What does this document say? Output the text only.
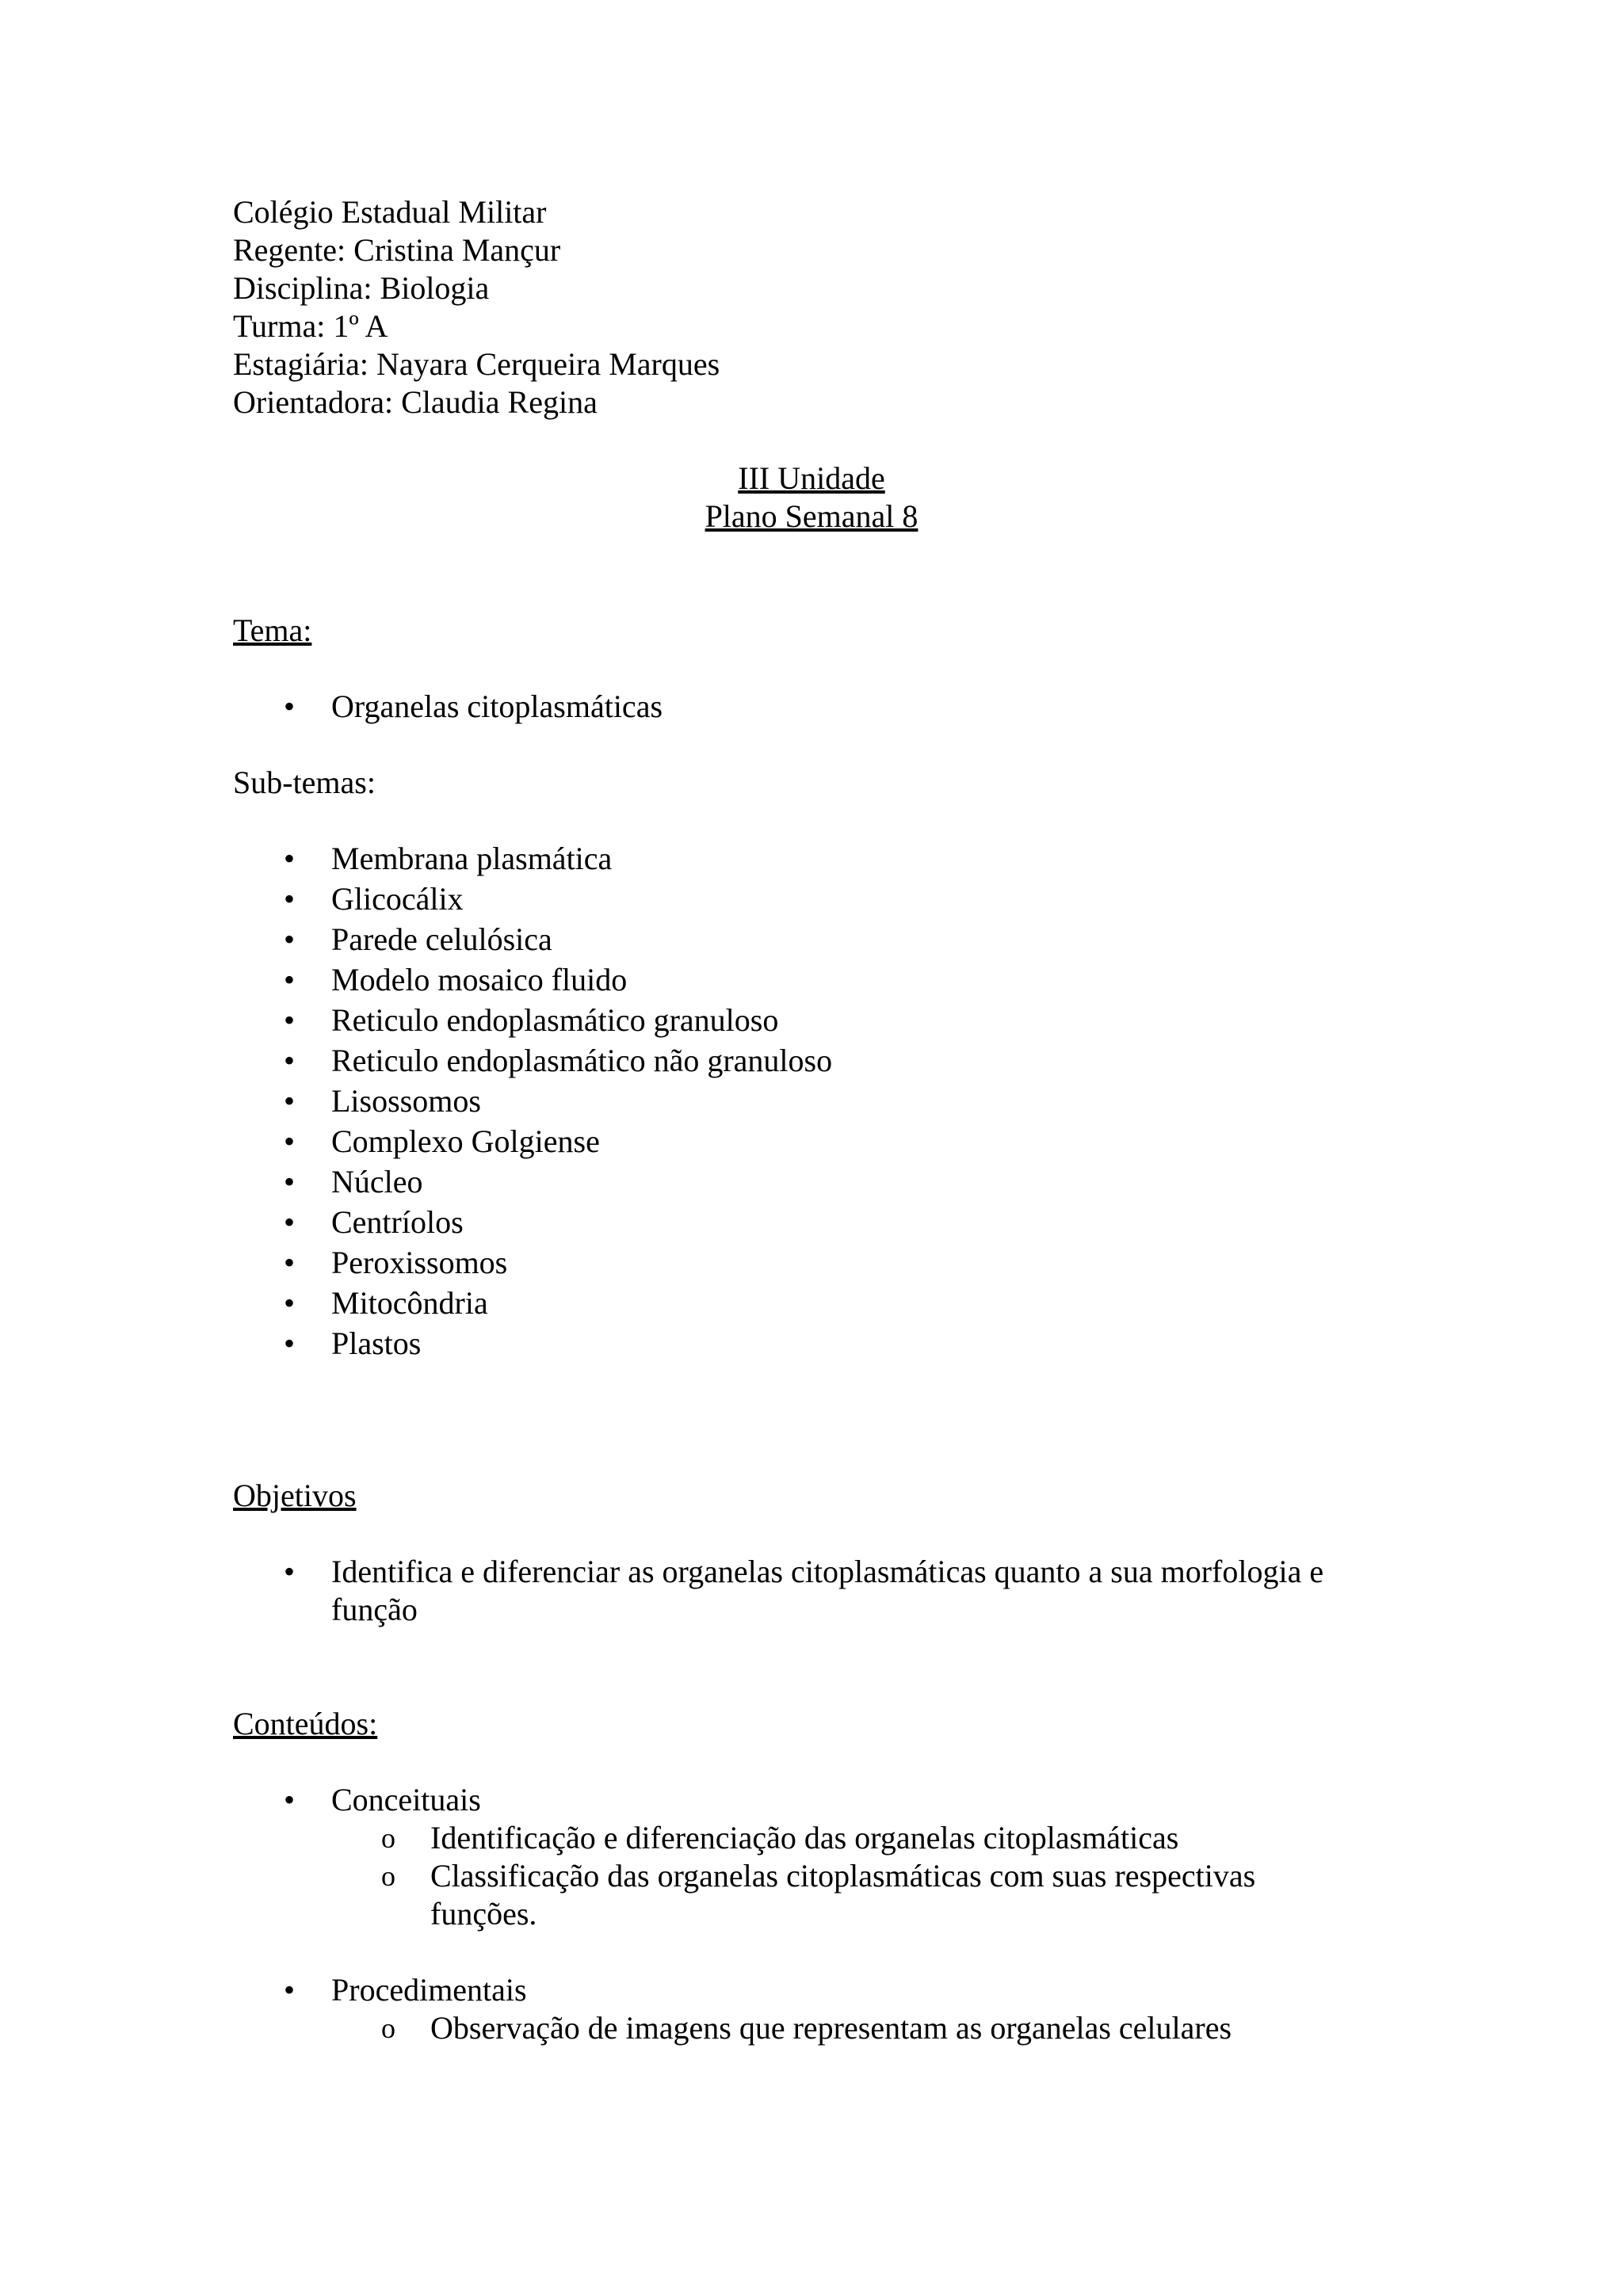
Colégio Estadual Militar
Regente: Cristina Mançur
Disciplina: Biologia
Turma: 1º A
Estagiária: Nayara Cerqueira Marques
Orientadora: Claudia Regina
III Unidade
Plano Semanal 8
Tema:
•	Organelas citoplasmáticas
Sub-temas:
•	Membrana plasmática
•	Glicocálix
•	Parede celulósica
•	Modelo mosaico fluido
•	Reticulo endoplasmático granuloso
•	Reticulo endoplasmático não granuloso
•	Lisossomos
•	Complexo Golgiense
•	Núcleo
•	Centríolos
•	Peroxissomos
•	Mitocôndria
•	Plastos
Objetivos
•	Identifica e diferenciar as organelas citoplasmáticas quanto a sua morfologia e função
Conteúdos:
•	Conceituais
o Identificação e diferenciação das organelas citoplasmáticas
o Classificação das organelas citoplasmáticas com suas respectivas funções.
•	Procedimentais
o Observação de imagens que representam as organelas celulares
